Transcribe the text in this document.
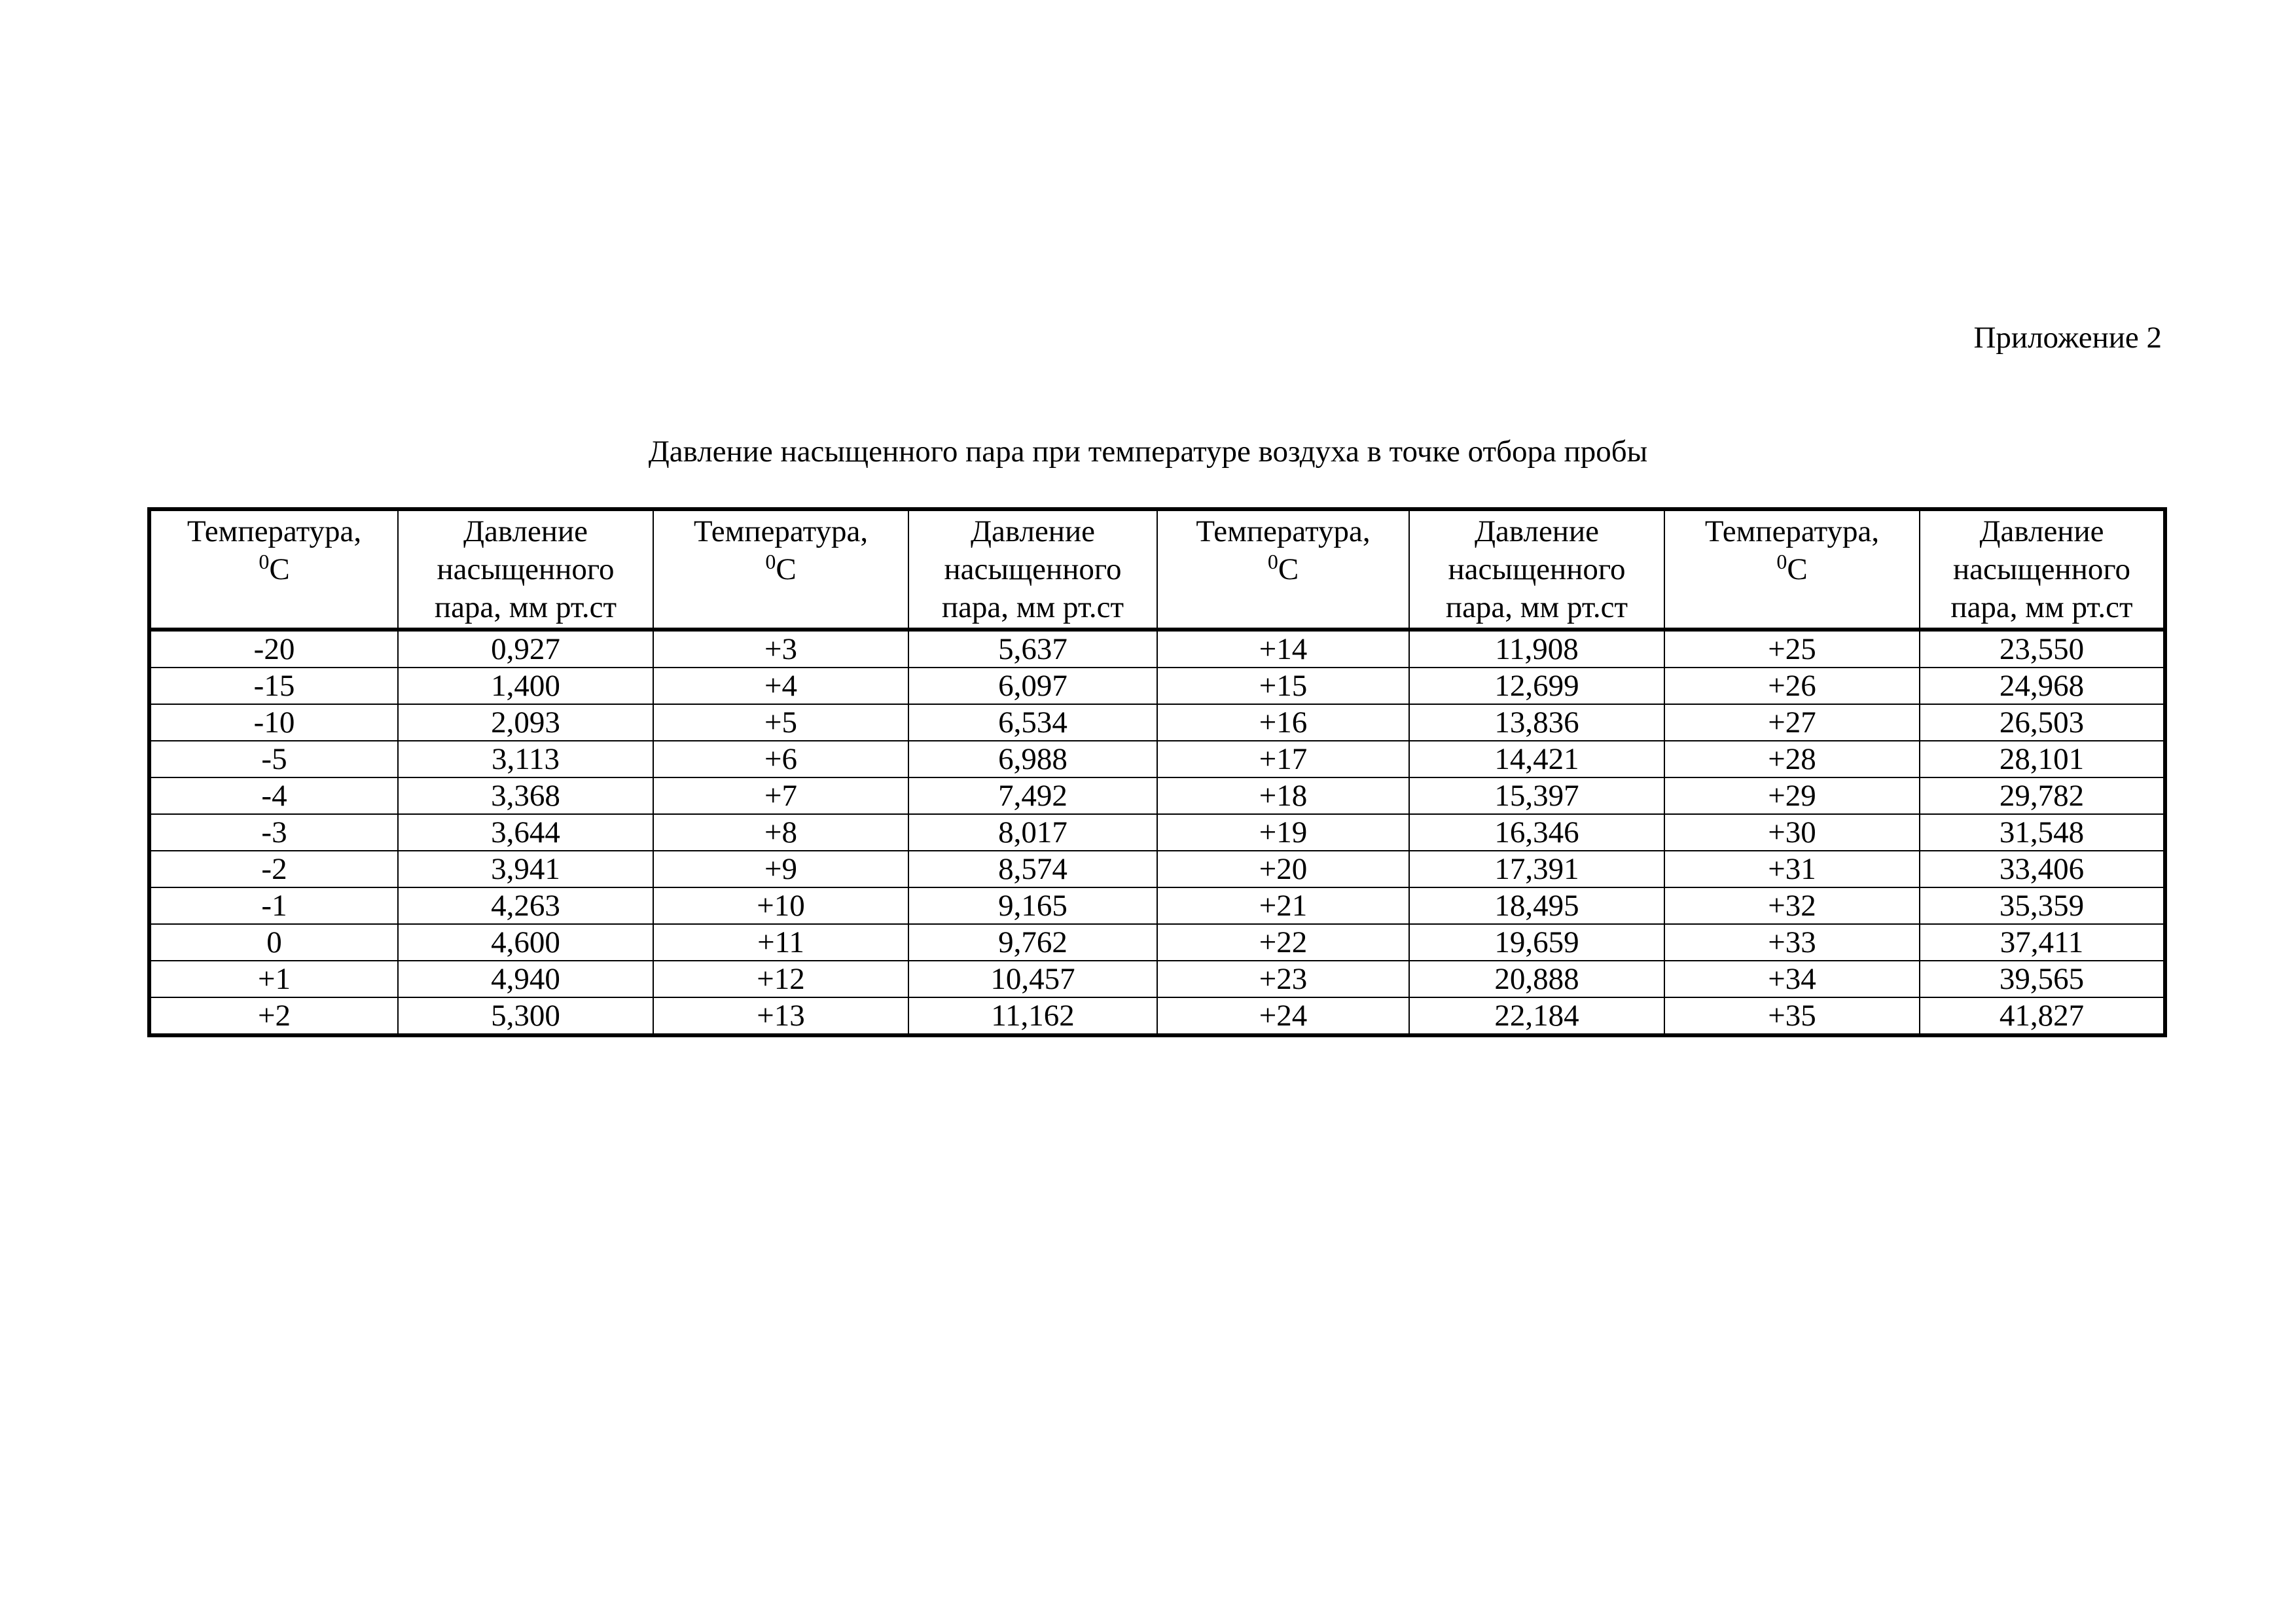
Приложение 2
Давление насыщенного пара при температуре воздуха в точке отбора пробы
Температура,
$^0$C	Давление
насыщенного
пара, мм рт.ст	Температура,
$^0$C	Давление
насыщенного
пара, мм рт.ст	Температура,
$^0$C	Давление
насыщенного
пара, мм рт.ст	Температура,
$^0$C	Давление
насыщенного
пара, мм рт.ст
-20	0,927	+3	5,637	+14	11,908	+25	23,550
-15	1,400	+4	6,097	+15	12,699	+26	24,968
-10	2,093	+5	6,534	+16	13,836	+27	26,503
-5	3,113	+6	6,988	+17	14,421	+28	28,101
-4	3,368	+7	7,492	+18	15,397	+29	29,782
-3	3,644	+8	8,017	+19	16,346	+30	31,548
-2	3,941	+9	8,574	+20	17,391	+31	33,406
-1	4,263	+10	9,165	+21	18,495	+32	35,359
0	4,600	+11	9,762	+22	19,659	+33	37,411
+1	4,940	+12	10,457	+23	20,888	+34	39,565
+2	5,300	+13	11,162	+24	22,184	+35	41,827
